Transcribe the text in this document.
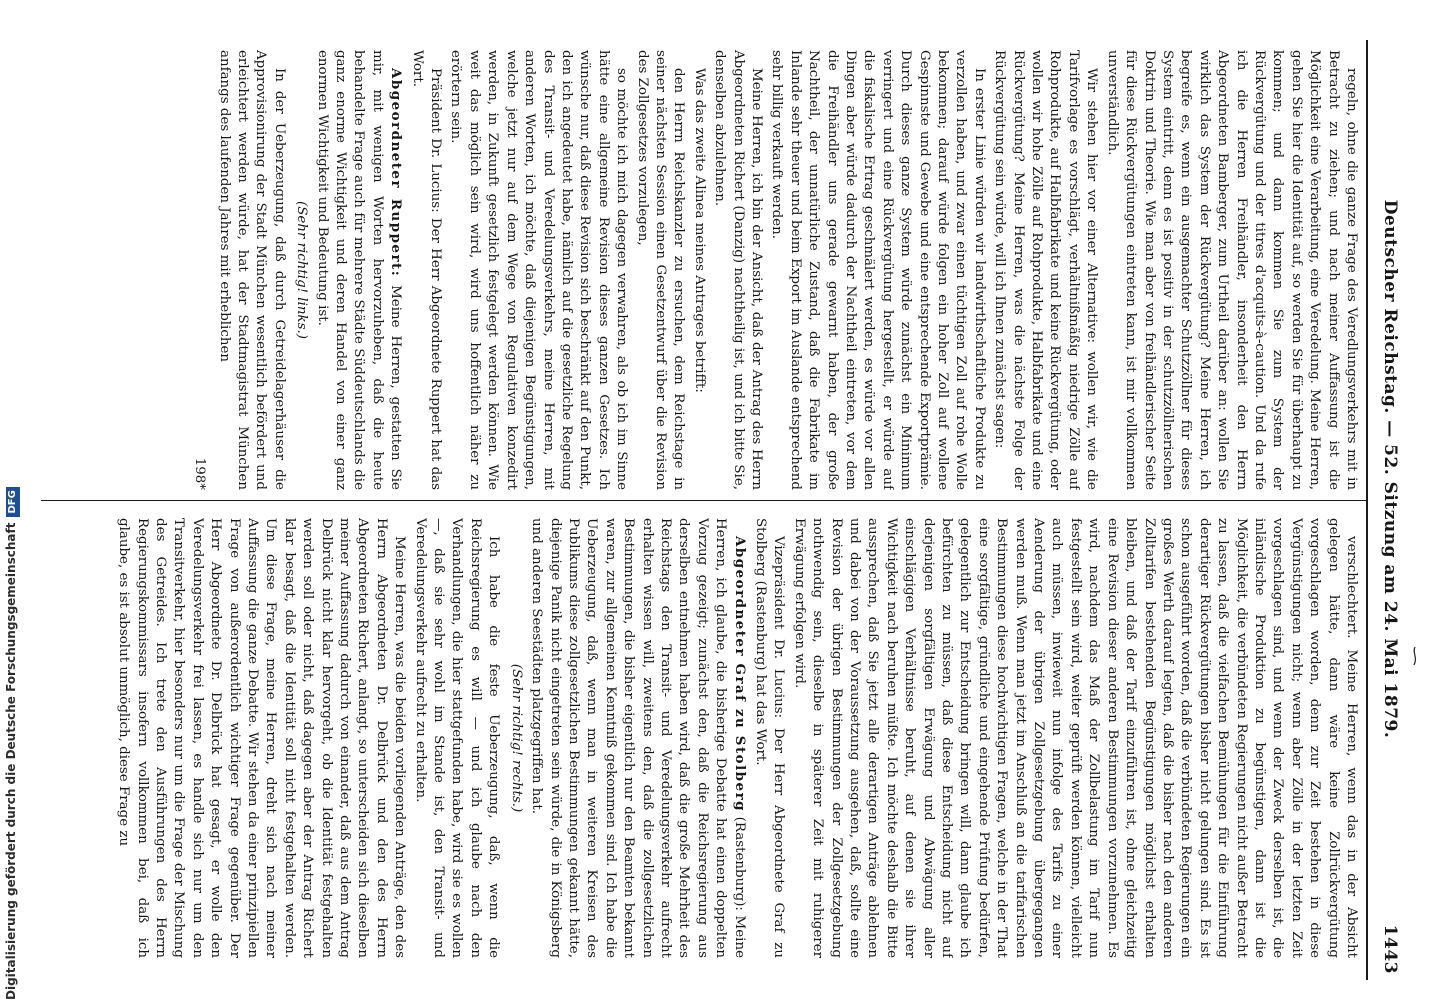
Deutscher Reichstag. — 52. Sitzung am 24. Mai 1879.
1443

regeln, ohne die ganze Frage des Veredlungsverkehrs mit in Betracht zu ziehen; und nach meiner Auffassung ist die Möglichkeit eine Verarbeitung, eine Veredelung. Meine Herren, gehen Sie hier die Identität auf, so werden Sie für überhaupt zu kommen; und dann kommen Sie zum System der Rückvergütung und der titres d'acquits-à-caution. Und da rufe ich die Herren Freihändler, insonderheit den Herrn Abgeordneten Bamberger, zum Urtheil darüber an: wollen Sie wirklich das System der Rückvergütung? Meine Herren, ich begreife es, wenn ein ausgemachter Schutzzöllner für dieses System eintritt, denn es ist positiv in der schutzzöllnerischen Doktrin und Theorie. Wie man aber von freihändlerischer Seite für diese Rückvergütungen eintreten kann, ist mir vollkommen unverständlich.

Wir stehen hier vor einer Alternative: wollen wir, wie die Tarifvorlage es vorschlägt, verhältnißmäßig niedrige Zölle auf Rohprodukte, auf Halbfabrikate und keine Rückvergütung, oder wollen wir hohe Zölle auf Rohprodukte, Halbfabrikate und eine Rückvergütung? Meine Herren, was die nächste Folge der Rückvergütung sein würde, will ich Ihnen zunächst sagen:

In erster Linie würden wir landwirthschaftliche Produkte zu verzollen haben, und zwar einen tüchtigen Zoll auf rohe Wolle bekommen; darauf würde folgen ein hoher Zoll auf wollene Gespinnste und Gewebe und eine entsprechende Exportprämie. Durch dieses ganze System würde zunächst ein Minimum verringert und eine Rückvergütung hergestellt, er würde auf die fiskalische Ertrag geschmälert werden, es würde vor allen Dingen aber würde dadurch der Nachtheil eintreten, vor dem die Freihändler uns gerade gewarnt haben, der große Nachtheil, der unnatürliche Zustand, daß die Fabrikate im Inlande sehr theuer und beim Export im Auslande entsprechend sehr billig verkauft werden.

Meine Herren, ich bin der Ansicht, daß der Antrag des Herrn Abgeordneten Richert (Danzig) nachtheilig ist, und ich bitte Sie, denselben abzulehnen.

Was das zweite Alinea meines Antrages betrifft:

den Herrn Reichskanzler zu ersuchen, dem Reichstage in seiner nächsten Session einen Gesetzentwurf über die Revision des Zollgesetzes vorzulegen,

so möchte ich mich dagegen verwahren, als ob ich im Sinne hätte eine allgemeine Revision dieses ganzen Gesetzes. Ich wünsche nur, daß diese Revision sich beschränkt auf den Punkt, den ich angedeutet habe, nämlich auf die gesetzliche Regelung des Transit- und Veredelungsverkehrs, meine Herren, mit anderen Worten, ich möchte, daß diejenigen Begünstigungen, welche jetzt nur auf dem Wege von Regulativen konzedirt werden, in Zukunft gesetzlich festgelegt werden können. Wie weit das möglich sein wird, wird uns hoffentlich näher zu erörtern sein.

Präsident Dr. Lucius: Der Herr Abgeordnete Ruppert hat das Wort.

Abgeordneter Ruppert: Meine Herren, gestatten Sie mir, mit wenigen Worten hervorzuheben, daß die heute behandelte Frage auch für mehrere Städte Süddeutschlands die ganz enorme Wichtigkeit und deren Handel von einer ganz enormen Wichtigkeit und Bedeutung ist.

(Sehr richtig! links.)

In der Ueberzeugung, daß durch Getreidelagerhäuser die Approvisionirung der Stadt München wesentlich befördert und erleichtert werden würde, hat der Stadtmagistrat München anfangs des laufenden Jahres mit erheblichen

198*

verschlechtert. Meine Herren, wenn das in der Absicht gelegen hätte, dann wäre keine Zollrückvergütung vorgeschlagen worden, denn zur Zeit bestehen in diese Vergünstigungen nicht; wenn aber Zölle in der letzten Zeit vorgeschlagen sind, und wenn der Zweck derselben ist, die inländische Produktion zu begünstigen, dann ist die Möglichkeit, die verbündeten Regierungen nicht außer Betracht zu lassen, daß die vielfachen Bemühungen für die Einführung derartiger Rückvergütungen bisher nicht gelungen sind. Es ist schon ausgeführt worden, daß die verbündeten Regierungen ein großes Werth darauf legten, daß die bisher nach den anderen Zolltarifen bestehenden Begünstigungen möglichst erhalten bleiben, und daß der Tarif einzuführen ist, ohne gleichzeitig eine Revision dieser anderen Bestimmungen vorzunehmen. Es wird, nachdem das Maß der Zollbelastung im Tarif nun festgestellt sein wird, weiter geprüft werden können, vielleicht auch müssen, inwieweit nun infolge des Tarifs zu einer Aenderung der übrigen Zollgesetzgebung übergegangen werden muß. Wenn man jetzt im Anschluß an die tarifarischen Bestimmungen diese hochwichtigen Fragen, welche in der That eine sorgfältige, gründliche und eingehende Prüfung bedürfen, gelegentlich zur Entscheidung bringen will, dann glaube ich befürchten zu müssen, daß diese Entscheidung nicht auf derjenigen sorgfältigen Erwägung und Abwägung aller einschlägigen Verhältnisse beruht, auf denen sie ihrer Wichtigkeit nach beruhen müßte. Ich möchte deshalb die Bitte aussprechen, daß Sie jetzt alle derartigen Anträge ablehnen und dabei von der Voraussetzung ausgehen, daß, sollte eine Revision der übrigen Bestimmungen der Zollgesetzgebung nothwendig sein, dieselbe in späterer Zeit mit ruhigerer Erwägung erfolgen wird.

Vizepräsident Dr. Lucius: Der Herr Abgeordnete Graf zu Stolberg (Rastenburg) hat das Wort.

Abgeordneter Graf zu Stolberg (Rastenburg): Meine Herren, ich glaube, die bisherige Debatte hat einen doppelten Vorzug gezeigt; zunächst den, daß die Reichsregierung aus derselben entnehmen haben wird, daß die große Mehrheit des Reichstags den Transit- und Veredelungsverkehr aufrecht erhalten wissen will, zweitens den, daß die zollgesetzlichen Bestimmungen, die bisher eigentlich nur den Beamten bekannt waren, zur allgemeinen Kenntniß gekommen sind. Ich habe die Ueberzeugung, daß, wenn man in weiteren Kreisen des Publikums diese zollgesetzlichen Bestimmungen gekannt hätte, diejenige Panik nicht eingetreten sein würde, die in Königsberg und anderen Seestädten platzgegriffen hat.

(Sehr richtig! rechts.)

Ich habe die feste Ueberzeugung, daß, wenn die Reichsregierung es will — und ich glaube nach den Verhandlungen, die hier stattgefunden habe, wird sie es wollen —, daß sie sehr wohl im Stande ist, den Transit- und Veredelungsverkehr aufrecht zu erhalten.

Meine Herren, was die beiden vorliegenden Anträge, den des Herrn Abgeordneten Dr. Delbrück und den des Herrn Abgeordneten Richert, anlangt, so unterscheiden sich dieselben meiner Auffassung dadurch von einander, daß aus dem Antrag Delbrück nicht klar hervorgeht, ob die Identität festgehalten werden soll oder nicht, daß dagegen aber der Antrag Richert klar besagt, daß die Identität soll nicht festgehalten werden. Um diese Frage, meine Herren, dreht sich nach meiner Auffassung die ganze Debatte. Wir stehen da einer prinzipiellen Frage von außerordentlich wichtiger Frage gegenüber. Der Herr Abgeordnete Dr. Delbrück hat gesagt, er wolle den Veredelungsverkehr frei lassen, es handle sich nur um den Transitverkehr, hier besonders nur um die Frage der Mischung des Getreides. Ich trete den Ausführungen des Herrn Regierungskommissars insofern vollkommen bei, daß ich glaube, es ist absolut unmöglich, diese Frage zu

Digitalisierung gefördert durch die Deutsche ForschungsgemeinschaftDFG
